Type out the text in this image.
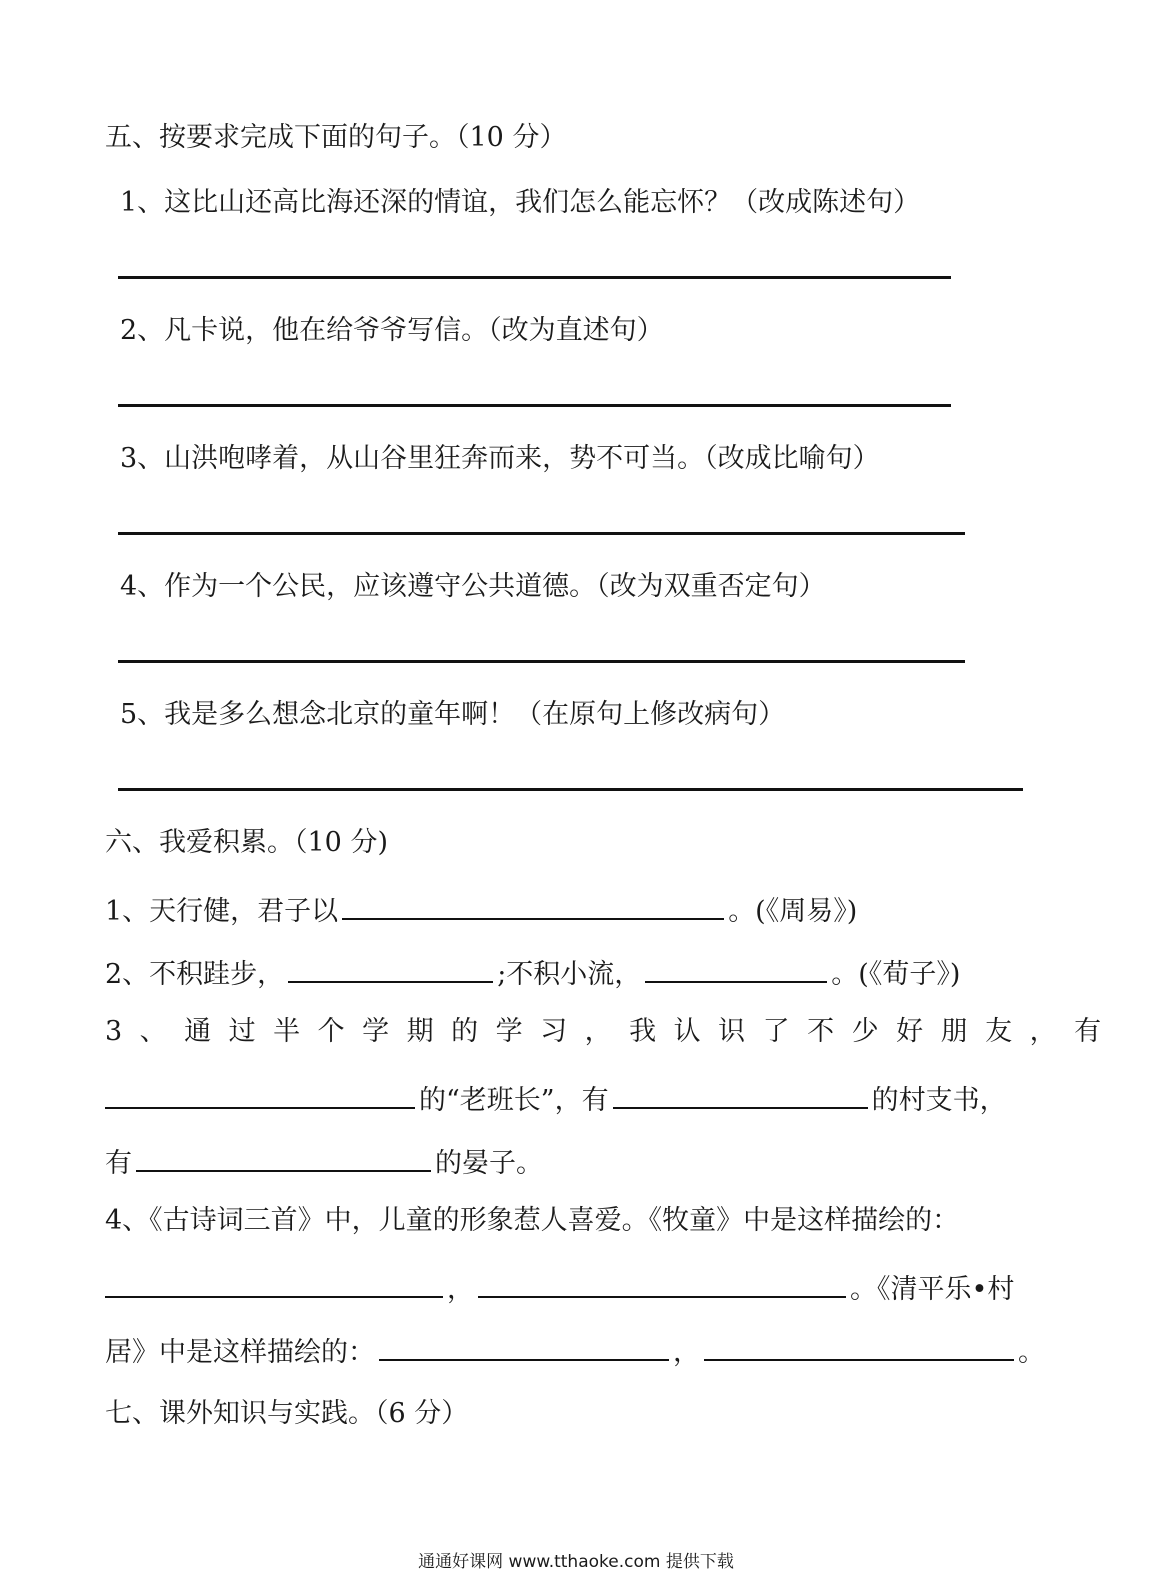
五、按要求完成下面的句子。（10 分）
1、这比山还高比海还深的情谊，我们怎么能忘怀？（改成陈述句）
2、凡卡说，他在给爷爷写信。（改为直述句）
3、山洪咆哮着，从山谷里狂奔而来，势不可当。（改成比喻句）
4、作为一个公民，应该遵守公共道德。（改为双重否定句）
5、我是多么想念北京的童年啊！（在原句上修改病句）
六、我爱积累。（10 分)
1、天行健，君子以	。(《周易》)
2、不积跬步，	;不积小流，	。(《荀子》)
3、通过半个学期的学习，我认识了不少好朋友，有
的“老班长”，有	的村支书，
有	的晏子。
4、《古诗词三首》中，儿童的形象惹人喜爱。《牧童》中是这样描绘的：
，	。《清平乐•村
居》中是这样描绘的：	，	。
七、课外知识与实践。（6 分）
通通好课网 www.tthaoke.com 提供下载
